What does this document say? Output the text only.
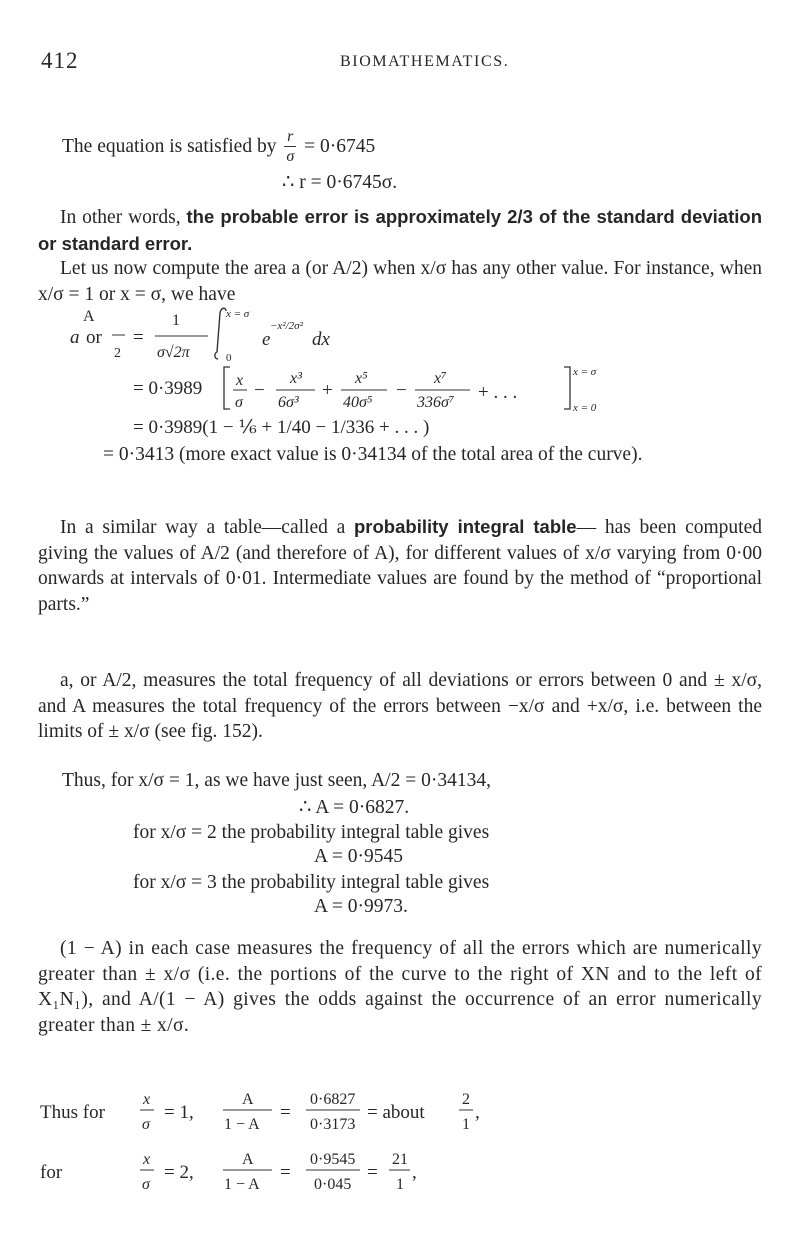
412	BIOMATHEMATICS.
The equation is satisfied by $\frac{r}{\sigma} = 0\cdot 6745$
∴ r = 0·6745σ.
In other words, the probable error is approximately 2/3 of the standard deviation or standard error.
Let us now compute the area a (or A/2) when x/σ has any other value. For instance, when x/σ = 1 or x = σ, we have
a or
A
2
=
1
σ√2π
x = σ
0
e
−x²/2σ²
dx
= 0·3989 x
σ
−
x³
6σ³
+
x⁵
40σ⁵
−
x⁷
336σ⁷ + . . .
x = σ
x = 0
= 0·3989(1 − ⅙ + 1/40 − 1/336 + . . . )
= 0·3413 (more exact value is 0·34134 of the total area of the curve).
In a similar way a table—called a probability integral table— has been computed giving the values of A/2 (and therefore of A), for different values of x/σ varying from 0·00 onwards at intervals of 0·01. Intermediate values are found by the method of “proportional parts.”
a, or A/2, measures the total frequency of all deviations or errors between 0 and ± x/σ, and A measures the total frequency of the errors between −x/σ and +x/σ, i.e. between the limits of ± x/σ (see fig. 152).
Thus, for x/σ = 1, as we have just seen, A/2 = 0·34134,
∴ A = 0·6827.
for x/σ = 2 the probability integral table gives
A = 0·9545
for x/σ = 3 the probability integral table gives
A = 0·9973.
(1 − A) in each case measures the frequency of all the errors which are numerically greater than ± x/σ (i.e. the portions of the curve to the right of XN and to the left of X₁N₁), and A/(1 − A) gives the odds against the occurrence of an error numerically greater than ± x/σ.
Thus for
x
σ
= 1,
A
1 − A
=
0·6827
0·3173
= about
2
1
,
for
x
σ
= 2,
A
1 − A
=
0·9545
0·045
=
21
1
,
